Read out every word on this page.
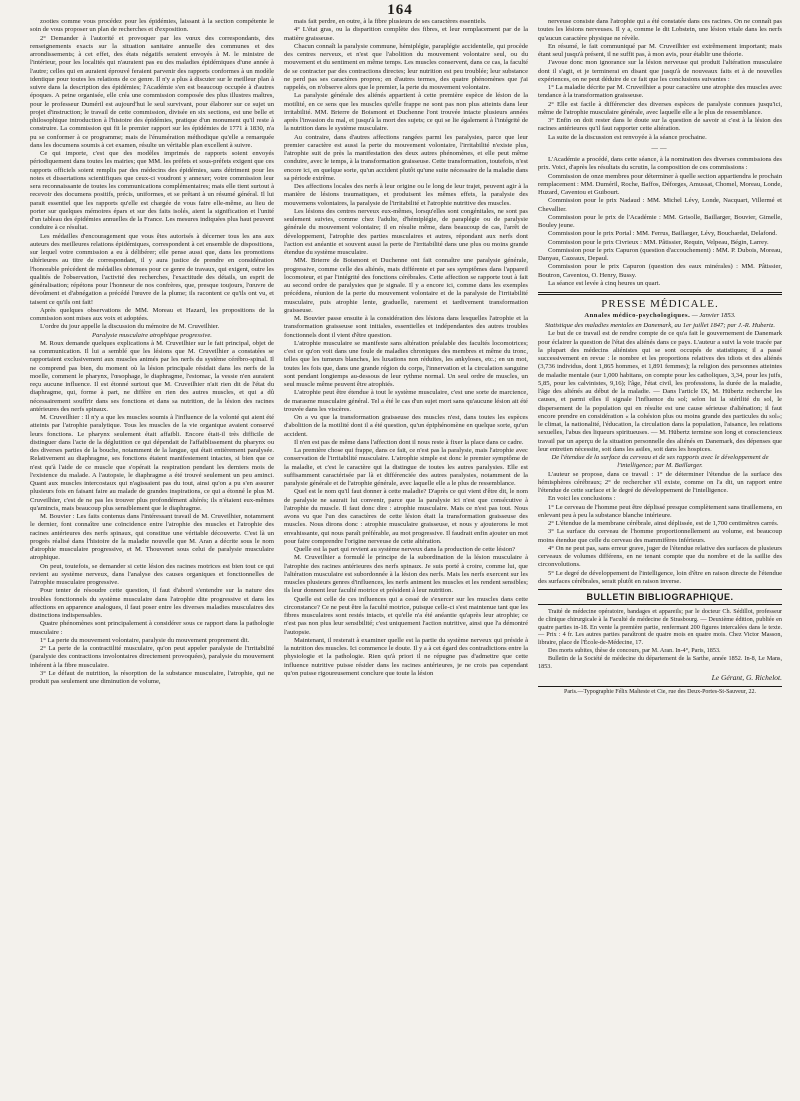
164

zooties comme vous procédez pour les épidémies, laissant à la section compétente le soin de vous proposer un plan de recherches et d'exposition.

2° Demander à l'autorité et provoquer par les vœux des correspondants, des renseignements exacts sur la situation sanitaire annuelle des communes et des arrondissements; à cet effet, des états négatifs seraient envoyés à M. le ministre de l'intérieur, pour les localités qui n'auraient pas eu des maladies épidémiques d'une année à l'autre; celles qui en auraient éprouvé feraient parvenir des rapports conformes à un modèle identique pour toutes les relations de ce genre. Il n'y a plus à discuter sur le meilleur plan à suivre dans la description des épidémies; l'Académie s'en est beaucoup occupée à d'autres époques. A peine organisée, elle créa une commission composée des plus illustres maîtres, pour le professeur Duméril est aujourd'hui le seul survivant, pour élaborer sur ce sujet un projet d'instruction; le travail de cette commission, divisée en six sections, est une belle et philosophique introduction à l'histoire des épidémies, pratique d'un monument qu'il reste à construire. La commission qui fit le premier rapport sur les épidémies de 1771 à 1830, n'a pu se conformer à ce programme; mais de l'énumération méthodique qu'elle a remarquée dans les documens soumis à cet examen, résulte un véritable plan excellent à suivre.

Ce qui importe, c'est que des modèles imprimés de rapports soient envoyés périodiquement dans toutes les mairies; que MM. les préfets et sous-préfets exigent que ces rapports officiels soient remplis par des médecins des épidémies, sans détriment pour les notes et dissertations scientifiques que ceux-ci voudront y annexer; votre commission leur sera reconnaissante de toutes les communications complémentaires; mais elle tient surtout à recevoir des documens positifs, précis, uniformes, et se prêtant à un résumé général. Il lui parait essentiel que les rapports qu'elle est chargée de vous faire elle-même, au lieu de porter sur quelques mémoires épars et sur des faits isolés, aient la signification et l'unité d'un tableau des épidémies annuelles de la France. Les mesures indiquées plus haut peuvent conduire à ce résultat.

Les médailles d'encouragement que vous êtes autorisés à décerner tous les ans aux auteurs des meilleures relations épidémiques, correspondent à cet ensemble de dispositions, sur lequel votre commission a eu à délibérer; elle pense aussi que, dans les promotions ultérieures au titre de correspondant, il y aura justice de prendre en considération l'honorable précédent de médailles obtenues pour ce genre de travaux, qui exigent, outre les qualités de l'observation, l'activité des recherches, l'exactitude des détails, un esprit de généralisation; répétons pour l'honneur de nos confrères, que, presque toujours, l'œuvre de dévoûment et d'abnégation a précédé l'œuvre de la plume; ils racontent ce qu'ils ont vu, et taisent ce qu'ils ont fait!

Après quelques observations de MM. Moreau et Hazard, les propositions de la commission sont mises aux voix et adoptées.

L'ordre du jour appelle la discussion du mémoire de M. Cruveilhier.

Paralysie musculaire atrophique progressive.

M. Roux demande quelques explications à M. Cruveilhier sur le fait principal, objet de sa communication. Il lui a semblé que les lésions que M. Cruveilhier a constatées se rapportaient exclusivement aux muscles animés par les nerfs du système cérébro-spinal. Il ne comprend pas bien, du moment où la lésion principale résidait dans les nerfs de la moelle, comment le pharynx, l'œsophage, le diaphragme, l'estomac, la vessie n'en auraient reçu aucune influence. Il est étonné surtout que M. Cruveilhier n'ait rien dit de l'état du diaphragme, qui, forme à part, ne diffère en rien des autres muscles, et qui a dû nécessairement souffrir dans ses fonctions et dans sa nutrition, de la lésion des racines antérieures des nerfs spinaux.

M. Cruveilhier : Il n'y a que les muscles soumis à l'influence de la volonté qui aient été atteints par l'atrophie paralytique. Tous les muscles de la vie organique avaient conservé leurs fonctions. Le pharynx seulement était affaibli. Encore était-il très difficile de distinguer dans l'acte de la déglutition ce qui dépendait de l'affaiblissement du pharynx ou des diverses parties de la bouche, notamment de la langue, qui était entièrement paralysée. Relativement au diaphragme, ses fonctions étaient manifestement intactes, si bien que ce n'est qu'à l'aide de ce muscle que s'opérait la respiration pendant les derniers mois de l'existence du malade. A l'autopsie, le diaphragme a été trouvé seulement un peu aminci. Quant aux muscles intercostaux qui n'agissaient pas du tout, ainsi qu'on a pu s'en assurer plusieurs fois en faisant faire au malade de grandes inspirations, ce qui a étonné le plus M. Cruveilhier, c'est de ne pas les trouver plus profondément altérés; ils n'étaient eux-mêmes qu'amincis, mais beaucoup plus sensiblement que le diaphragme.

M. Bouvier : Les faits contenus dans l'intéressant travail de M. Cruveilhier, notamment le dernier, font connaître une coïncidence entre l'atrophie des muscles et l'atrophie des racines antérieures des nerfs spinaux, qui constitue une véritable découverte. C'est là un progrès réalisé dans l'histoire de la maladie nouvelle que M. Aran a décrite sous le nom d'atrophie musculaire progressive, et M. Thouvenet sous celui de paralysie musculaire atrophique.

On peut, toutefois, se demander si cette lésion des racines motrices est bien tout ce qui revient au système nerveux, dans l'analyse des causes organiques et fonctionnelles de l'atrophie musculaire progressive.

Pour tenter de résoudre cette question, il faut d'abord s'entendre sur la nature des troubles fonctionnels du système musculaire dans l'atrophie dite progressive et dans les affections en apparence analogues, il faut poser entre les diverses maladies musculaires des distinctions indispensables.

Quatre phénomènes sont principalement à considérer sous ce rapport dans la pathologie musculaire :

1° La perte du mouvement volontaire, paralysie du mouvement proprement dit.

2° La perte de la contractilité musculaire, qu'on peut appeler paralysie de l'irritabilité (paralysie des contractions involontaires directement provoquées), paralysie du mouvement inhérent à la fibre musculaire.

3° Le défaut de nutrition, la résorption de la substance musculaire, l'atrophie, qui ne produit pas seulement une diminution de volume,

mais fait perdre, en outre, à la fibre plusieurs de ses caractères essentiels.

4° L'état gras, ou la disparition complète des fibres, et leur remplacement par de la matière graisseuse.

Chacun connaît la paralysie commune, hémiplégie, paraplégie accidentelle, qui procède des centres nerveux, et n'est que l'abolition du mouvement volontaire seul, ou du mouvement et du sentiment en même temps. Les muscles conservent, dans ce cas, la faculté de se contracter par des contractions directes; leur nutrition est peu troublée; leur substance ne perd pas ses caractères propres; en d'autres termes, des quatre phénomènes que j'ai rappelés, on n'observe alors que le premier, la perte du mouvement volontaire.

La paralysie générale des aliénés appartient à cette première espèce de lésion de la motilité, en ce sens que les muscles qu'elle frappe ne sont pas non plus atteints dans leur irritabilité. MM. Brierre de Boismont et Duchenne l'ont trouvée intacte plusieurs années après l'invasion du mal, et jusqu'à la mort des sujets; ce qui se lie également à l'intégrité de la nutrition dans le système musculaire.

Au contraire, dans d'autres affections rangées parmi les paralysies, parce que leur premier caractère est aussi la perte du mouvement volontaire, l'irritabilité n'existe plus, l'atrophie suit de près la manifestation des deux autres phénomènes, et elle peut même conduire, avec le temps, à la transformation graisseuse. Cette transformation, toutefois, n'est encore ici, en quelque sorte, qu'un accident plutôt qu'une suite nécessaire de la maladie dans sa période extrême.

Des affections locales des nerfs à leur origine ou le long de leur trajet, peuvent agir à la manière de lésions traumatiques, et produisent les mêmes effets, la paralysie des mouvemens volontaires, la paralysie de l'irritabilité et l'atrophie nutritive des muscles.

Les lésions des centres nerveux eux-mêmes, lorsqu'elles sont congénitales, ne sont pas seulement suivies, comme chez l'adulte, d'hémiplégie, de paraplégie ou de paralysie générale du mouvement volontaire; il en résulte même, dans beaucoup de cas, l'arrêt de développement, l'atrophie des parties musculaires et autres, répondant aux nerfs dont l'action est anéantie et souvent aussi la perte de l'irritabilité dans une plus ou moins grande étendue du système musculaire.

MM. Brierre de Boismont et Duchenne ont fait connaître une paralysie générale, progressive, comme celle des aliénés, mais différente et par ses symptômes dans l'appareil locomoteur, et par l'intégrité des fonctions cérébrales. Cette affection se rapporte tout à fait au second ordre de paralysies que je signale. Il y a encore ici, comme dans les exemples précédens, réunion de la perte du mouvement volontaire et de la paralysie de l'irritabilité musculaire, puis atrophie lente, graduelle, rarement et tardivement transformation graisseuse.

M. Bouvier passe ensuite à la considération des lésions dans lesquelles l'atrophie et la transformation graisseuse sont initiales, essentielles et indépendantes des autres troubles fonctionnels dont il vient d'être question.

L'atrophie musculaire se manifeste sans altération préalable des facultés locomotrices; c'est ce qu'on voit dans une foule de maladies chroniques des membres et même du tronc, telles que les tumeurs blanches, les luxations non réduites, les ankyloses, etc.; en un mot, toutes les fois que, dans une grande région du corps, l'innervation et la circulation sanguine sont pendant longtemps au-dessous de leur rythme normal. Un seul ordre de muscles, un seul muscle même peuvent être atrophiés.

L'atrophie peut être étendue à tout le système musculaire, c'est une sorte de marcience, de marasme musculaire général. Tel a été le cas d'un sujet mort sans qu'aucune lésion ait été trouvée dans les viscères.

On a vu que la transformation graisseuse des muscles n'est, dans toutes les espèces d'abolition de la motilité dont il a été question, qu'un épiphénomène en quelque sorte, qu'un accident.

Il n'en est pas de même dans l'affection dont il nous reste à fixer la place dans ce cadre.

La première chose qui frappe, dans ce fait, ce n'est pas la paralysie, mais l'atrophie avec conservation de l'irritabilité musculaire. L'atrophie simple est donc le premier symptôme de la maladie, et c'est le caractère qui la distingue de toutes les autres paralysies. Elle est suffisamment caractérisée par là et différenciée des autres paralysies, notamment de la paralysie générale et de l'atrophie générale, avec laquelle elle a le plus de ressemblance.

Quel est le nom qu'il faut donner à cette maladie? D'après ce qui vient d'être dit, le nom de paralysie ne saurait lui convenir, parce que la paralysie ici n'est que consécutive à l'atrophie du muscle. Il faut donc dire : atrophie musculaire. Mais ce n'est pas tout. Nous avons vu que l'un des caractères de cette lésion était la transformation graisseuse des muscles. Nous dirons donc : atrophie musculaire graisseuse, et nous y ajouterons le mot envahissante, qui nous paraît préférable, au mot progressive. Il faudrait enfin ajouter un mot pour faire comprendre l'origine nerveuse de cette altération.

Quelle est la part qui revient au système nerveux dans la production de cette lésion?

M. Cruveilhier a formulé le principe de la subordination de la lésion musculaire à l'atrophie des racines antérieures des nerfs spinaux. Je suis porté à croire, comme lui, que l'altération musculaire est subordonnée à la lésion des nerfs. Mais les nerfs exercent sur les muscles plusieurs genres d'influences, les nerfs animent les muscles et les rendent sensibles; ils leur donnent leur faculté motrice et président à leur nutrition.

Quelle est celle de ces influences qui a cessé de s'exercer sur les muscles dans cette circonstance? Ce ne peut être la faculté motrice, puisque celle-ci s'est maintenue tant que les fibres musculaires sont restés intacts, et qu'elle n'a été anéantie qu'après leur atrophie; ce n'est pas non plus leur sensibilité; c'est uniquement l'action nutritive, ainsi que l'a démontré l'autopsie.

Maintenant, il resterait à examiner quelle est la partie du système nerveux qui préside à la nutrition des muscles. Ici commence le doute. Il y a à cet égard des contradictions entre la physiologie et la pathologie. Rien qu'à priori il ne répugne pas d'admettre que cette influence nutritive puisse résider dans les racines antérieures, je ne crois pas cependant qu'on puisse rigoureusement conclure que toute la lésion

nerveuse consiste dans l'atrophie qui a été constatée dans ces racines. On ne connaît pas toutes les lésions nerveuses. Il y a, comme le dit Lobstein, une lésion vitale dans les nerfs qu'aucun caractère physique ne révèle.

En résumé, le fait communiqué par M. Cruveilhier est extrêmement important; mais étant seul jusqu'à présent, il ne suffit pas, à mon avis, pour établir une théorie.

J'avoue donc mon ignorance sur la lésion nerveuse qui produit l'altération musculaire dont il s'agit, et je terminerai en disant que jusqu'à de nouveaux faits et à de nouvelles expériences, on ne peut déduire de ce fait que les conclusions suivantes :

1° La maladie décrite par M. Cruveilhier a pour caractère une atrophie des muscles avec tendance à la transformation graisseuse.

2° Elle est facile à différencier des diverses espèces de paralysie connues jusqu'ici, même de l'atrophie musculaire générale, avec laquelle elle a le plus de ressemblance.

3° Enfin on doit rester dans le doute sur la question de savoir si c'est à la lésion des racines antérieures qu'il faut rapporter cette altération.

La suite de la discussion est renvoyée à la séance prochaine.

——

L'Académie a procédé, dans cette séance, à la nomination des diverses commissions des prix. Voici, d'après les résultats du scrutin, la composition de ces commissions :

Commission de onze membres pour déterminer à quelle section appartiendra le prochain remplacement : MM. Duméril, Roche, Baffos, Déforges, Amussat, Chomel, Moreau, Londe, Huzard, Caventou et Guibourt.

Commission pour le prix Nadaud : MM. Michel Lévy, Londe, Nacquart, Villermé et Chevallier.

Commission pour le prix de l'Académie : MM. Grisolle, Baillarger, Bouvier, Gimelle, Bouley jeune.

Commission pour le prix Portal : MM. Ferrus, Baillarger, Lévy, Bouchardat, Delafond.

Commission pour le prix Civrieux : MM. Pâtissier, Requin, Velpeau, Bégin, Larrey.

Commission pour le prix Capuron (question d'accouchement) : MM. P. Dubois, Moreau, Danyau, Cazeaux, Depaul.

Commission pour le prix Capuron (question des eaux minérales) : MM. Pâtissier, Boutron, Caventou, O. Henry, Bussy.

La séance est levée à cinq heures un quart.

PRESSE MÉDICALE.
Annales médico-psychologiques. — Janvier 1853.

Statistique des maladies mentales en Danemark, au 1er juillet 1847; par J.-R. Hubertz.

Le but de ce travail est de rendre compte de ce qu'a fait le gouvernement de Danemark pour éclairer la question de l'état des aliénés dans ce pays. L'auteur a suivi la voie tracée par la plupart des médecins aliénistes qui se sont occupés de statistiques; il a passé successivement en revue : le nombre et les proportions relatives des idiots et des aliénés (3,736 individus, dont 1,865 hommes, et 1,891 femmes); la religion des personnes atteintes de maladie mentale (sur 1,000 habitans, on compte pour les catholiques, 3,34, pour les juifs, 5,85, pour les calvinistes, 9,16); l'âge, l'état civil, les professions, la durée de la maladie, l'âge des aliénés au début de la maladie. — Dans l'article IX, M. Hübertz recherche les causes, et parmi elles il signale l'influence du sol; selon lui la stérilité du sol, le dispersement de la population qui en résulte est une cause sérieuse d'aliénation; il faut encore prendre en considération « la cohésion plus ou moins grande des particules du sol»; le climat, la nationalité, l'éducation, la circulation dans la population, l'aisance, les relations sexuelles, l'abus des liqueurs spiritueuses. — M. Hübertz termine son long et consciencieux travail par un aperçu de la situation personnelle des aliénés en Danemark, des dépenses que leur entretien nécessite, soit dans les asiles, soit dans les hospices.

De l'étendue de la surface du cerveau et de ses rapports avec le développement de l'intelligence; par M. Baillarger.

L'auteur se propose, dans ce travail : 1° de déterminer l'étendue de la surface des hémisphères cérébraux; 2° de rechercher s'il existe, comme on l'a dit, un rapport entre l'étendue de cette surface et le degré de développement de l'intelligence.

En voici les conclusions :

1° Le cerveau de l'homme peut être déplissé presque complètement sans tiraillemens, en enlevant peu à peu la substance blanche intérieure.

2° L'étendue de la membrane cérébrale, ainsi déplissée, est de 1,700 centimètres carrés.

3° La surface du cerveau de l'homme proportionnellement au volume, est beaucoup moins étendue que celle du cerveau des mammifères inférieurs.

4° On ne peut pas, sans erreur grave, juger de l'étendue relative des surfaces de plusieurs cerveaux de volumes différens, en ne tenant compte que du nombre et de la saillie des circonvolutions.

5° Le degré de développement de l'intelligence, loin d'être en raison directe de l'étendue des surfaces cérébrales, serait plutôt en raison inverse.

BULLETIN BIBLIOGRAPHIQUE.

Traité de médecine opératoire, bandages et appareils; par le docteur Ch. Sédillot, professeur de clinique chirurgicale à la Faculté de médecine de Strasbourg. — Deuxième édition, publiée en quatre parties in-18. En vente la première partie, renfermant 200 figures intercalées dans le texte. — Prix : 4 fr. Les autres parties paraîtront de quatre mois en quatre mois. Chez Victor Masson, libraire, place de l'École-de-Médecine, 17.

Des morts subites, thèse de concours, par M. Aran. In-4°, Paris, 1853.

Bulletin de la Société de médecine du département de la Sarthe, année 1852. In-8, Le Mans, 1853.

Le Gérant, G. Richelot.
Paris.—Typographie Félix Malteste et Cie, rue des Deux-Portes-St-Sauveur, 22.
